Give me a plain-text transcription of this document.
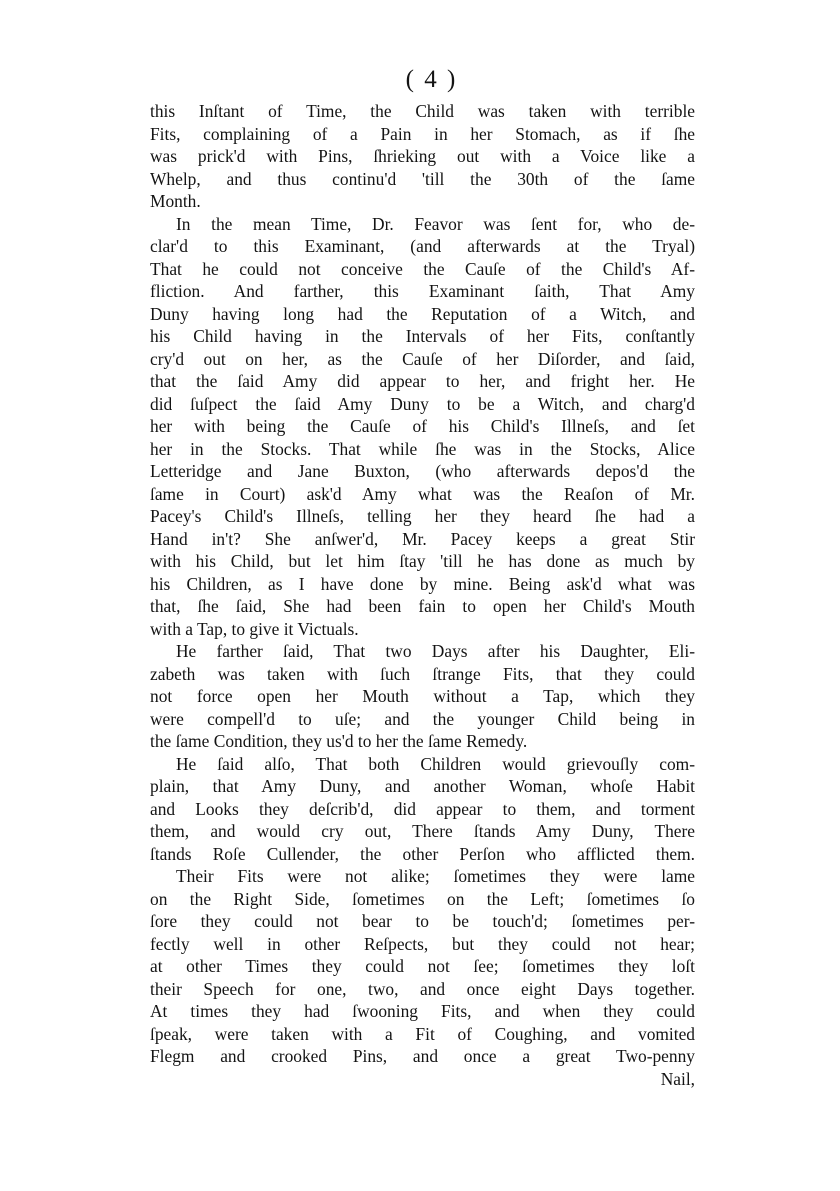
( 4 )
this Inſtant of Time, the Child was taken with terrible
Fits, complaining of a Pain in her Stomach, as if ſhe
was prick'd with Pins, ſhrieking out with a Voice like a
Whelp, and thus continu'd 'till the 30th of the ſame
Month.
In the mean Time, Dr. Feavor was ſent for, who de-
clar'd to this Examinant, (and afterwards at the Tryal)
That he could not conceive the Cauſe of the Child's Af-
fliction. And farther, this Examinant ſaith, That Amy
Duny having long had the Reputation of a Witch, and
his Child having in the Intervals of her Fits, conſtantly
cry'd out on her, as the Cauſe of her Diſorder, and ſaid,
that the ſaid Amy did appear to her, and fright her. He
did ſuſpect the ſaid Amy Duny to be a Witch, and charg'd
her with being the Cauſe of his Child's Illneſs, and ſet
her in the Stocks. That while ſhe was in the Stocks, Alice
Letteridge and Jane Buxton, (who afterwards depos'd the
ſame in Court) ask'd Amy what was the Reaſon of Mr.
Pacey's Child's Illneſs, telling her they heard ſhe had a
Hand in't? She anſwer'd, Mr. Pacey keeps a great Stir
with his Child, but let him ſtay 'till he has done as much by
his Children, as I have done by mine. Being ask'd what was
that, ſhe ſaid, She had been fain to open her Child's Mouth
with a Tap, to give it Victuals.
He farther ſaid, That two Days after his Daughter, Eli-
zabeth was taken with ſuch ſtrange Fits, that they could
not force open her Mouth without a Tap, which they
were compell'd to uſe; and the younger Child being in
the ſame Condition, they us'd to her the ſame Remedy.
He ſaid alſo, That both Children would grievouſly com-
plain, that Amy Duny, and another Woman, whoſe Habit
and Looks they deſcrib'd, did appear to them, and torment
them, and would cry out, There ſtands Amy Duny, There
ſtands Roſe Cullender, the other Perſon who afflicted them.
Their Fits were not alike; ſometimes they were lame
on the Right Side, ſometimes on the Left; ſometimes ſo
ſore they could not bear to be touch'd; ſometimes per-
fectly well in other Reſpects, but they could not hear;
at other Times they could not ſee; ſometimes they loſt
their Speech for one, two, and once eight Days together.
At times they had ſwooning Fits, and when they could
ſpeak, were taken with a Fit of Coughing, and vomited
Flegm and crooked Pins, and once a great Two-penny
Nail,
